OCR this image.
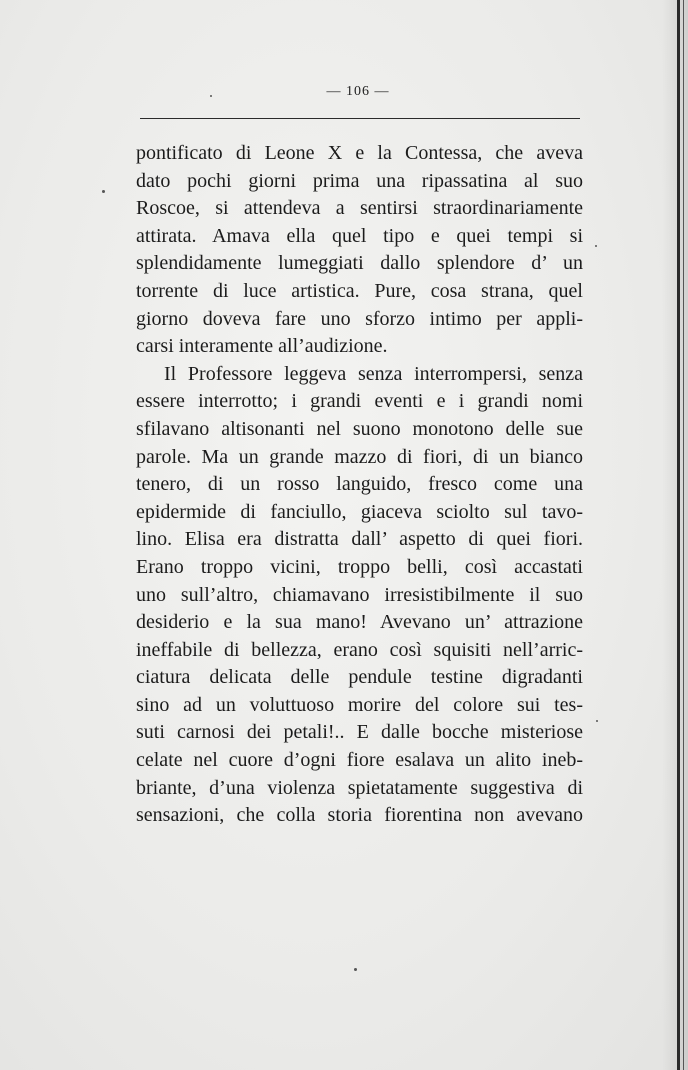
— 106 —
pontificato di Leone X e la Contessa, che aveva
dato pochi giorni prima una ripassatina al suo
Roscoe, si attendeva a sentirsi straordinariamente
attirata. Amava ella quel tipo e quei tempi si
splendidamente lumeggiati dallo splendore d’ un
torrente di luce artistica. Pure, cosa strana, quel
giorno doveva fare uno sforzo intimo per appli-
carsi interamente all’audizione.
Il Professore leggeva senza interrompersi, senza
essere interrotto; i grandi eventi e i grandi nomi
sfilavano altisonanti nel suono monotono delle sue
parole. Ma un grande mazzo di fiori, di un bianco
tenero, di un rosso languido, fresco come una
epidermide di fanciullo, giaceva sciolto sul tavo-
lino. Elisa era distratta dall’ aspetto di quei fiori.
Erano troppo vicini, troppo belli, così accastati
uno sull’altro, chiamavano irresistibilmente il suo
desiderio e la sua mano! Avevano un’ attrazione
ineffabile di bellezza, erano così squisiti nell’arric-
ciatura delicata delle pendule testine digradanti
sino ad un voluttuoso morire del colore sui tes-
suti carnosi dei petali!.. E dalle bocche misteriose
celate nel cuore d’ogni fiore esalava un alito ineb-
briante, d’una violenza spietatamente suggestiva di
sensazioni, che colla storia fiorentina non avevano
